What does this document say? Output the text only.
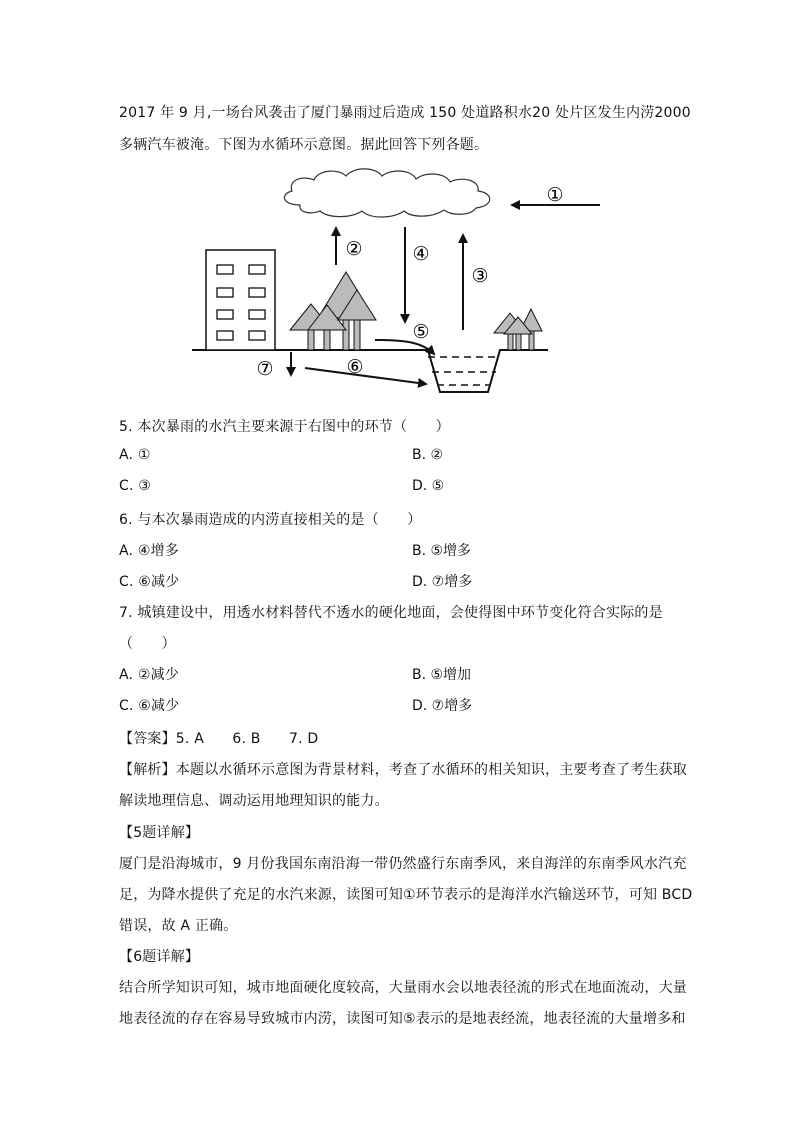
2017 年 9 月,一场台风袭击了厦门暴雨过后造成 150 处道路积水20 处片区发生内涝2000
多辆汽车被淹。下图为水循环示意图。据此回答下列各题。
①
②
③
④
⑤
⑥
⑦
5. 本次暴雨的水汽主要来源于右图中的环节（　　）
A. ①	B. ②
C. ③	D. ⑤
6. 与本次暴雨造成的内涝直接相关的是（　　）
A. ④增多	B. ⑤增多
C. ⑥减少	D. ⑦增多
7. 城镇建设中，用透水材料替代不透水的硬化地面，会使得图中环节变化符合实际的是
（　　）
A. ②减少	B. ⑤增加
C. ⑥减少	D. ⑦增多
【答案】5. A　　6. B　　7. D
【解析】本题以水循环示意图为背景材料，考查了水循环的相关知识，主要考查了考生获取
解读地理信息、调动运用地理知识的能力。
【5题详解】
厦门是沿海城市，9 月份我国东南沿海一带仍然盛行东南季风，来自海洋的东南季风水汽充
足，为降水提供了充足的水汽来源，读图可知①环节表示的是海洋水汽输送环节，可知 BCD
错误，故 A 正确。
【6题详解】
结合所学知识可知，城市地面硬化度较高，大量雨水会以地表径流的形式在地面流动，大量
地表径流的存在容易导致城市内涝，读图可知⑤表示的是地表经流，地表径流的大量增多和
